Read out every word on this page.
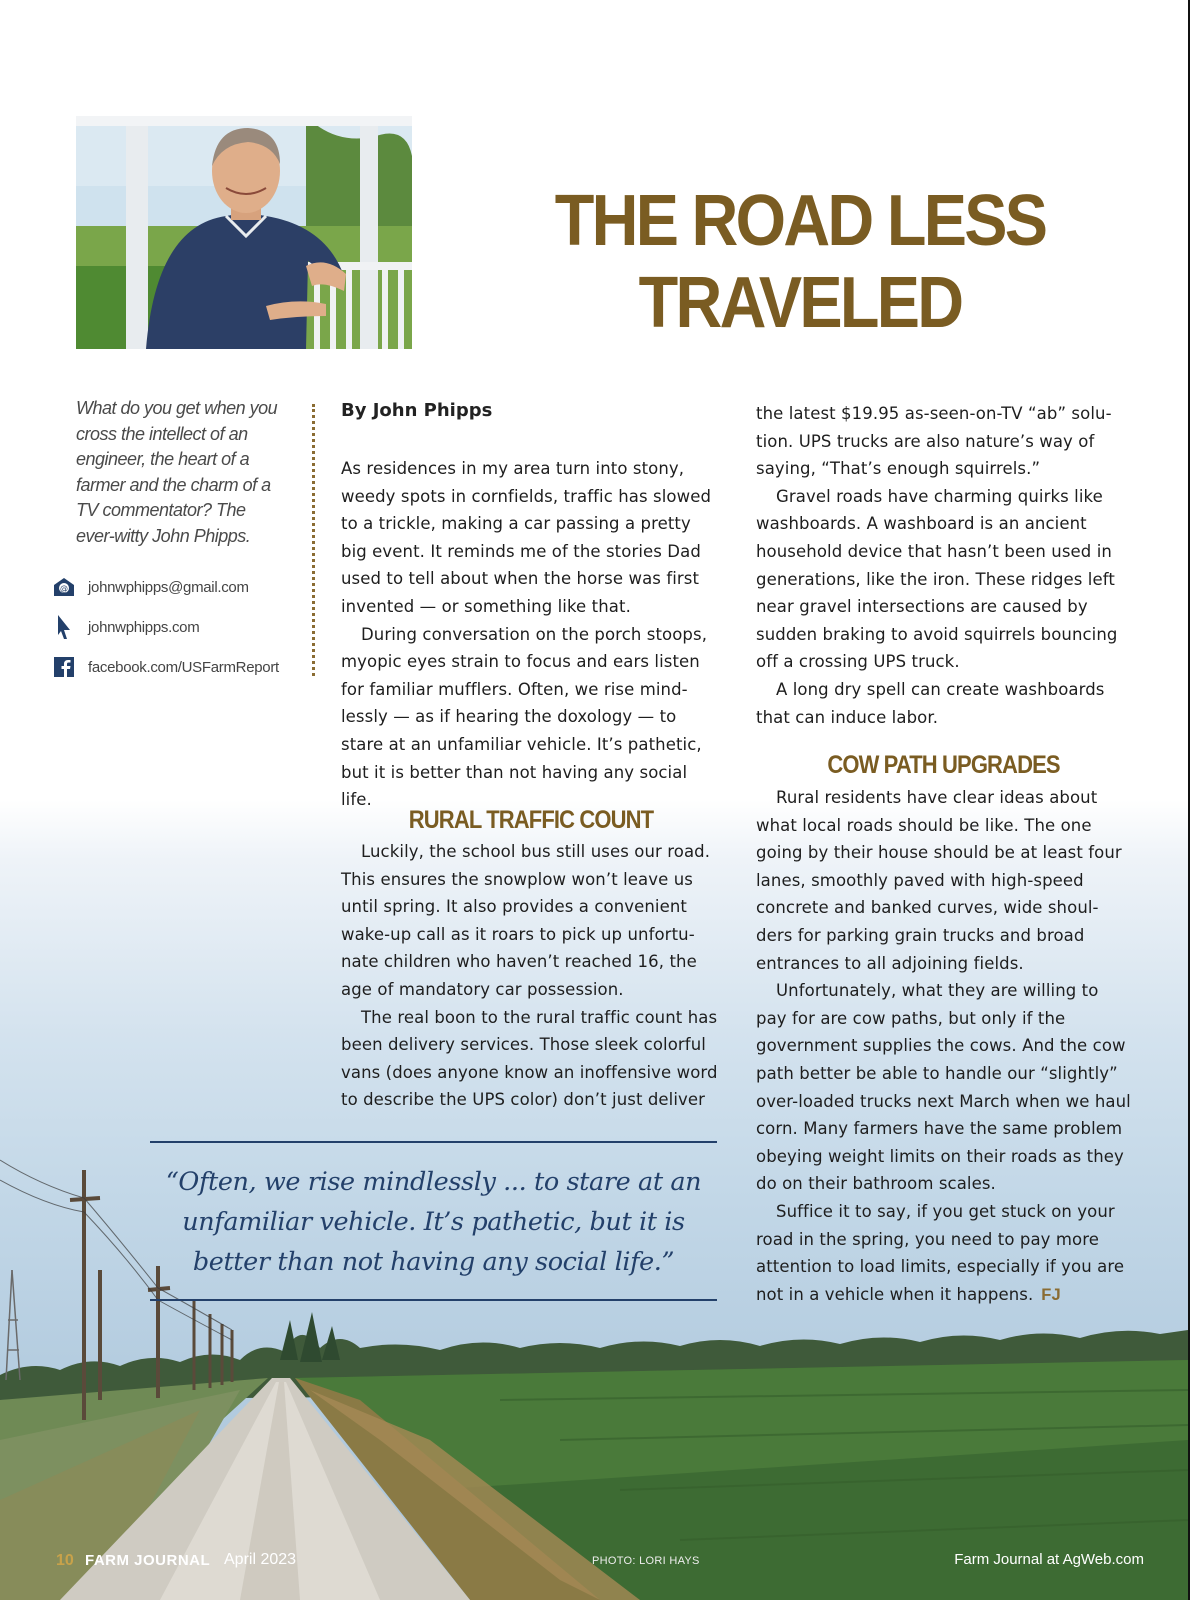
THE ROAD LESS TRAVELED

What do you get when you cross the intellect of an engineer, the heart of a farmer and the charm of a TV commentator? The ever-witty John Phipps.

@ johnwphipps@gmail.com
johnwphipps.com
facebook.com/USFarmReport
By John Phipps

As residences in my area turn into stony, weedy spots in cornfields, traffic has slowed to a trickle, making a car passing a pretty big event. It reminds me of the stories Dad used to tell about when the horse was first invented — or something like that.

During conversation on the porch stoops, myopic eyes strain to focus and ears listen for familiar mufflers. Often, we rise mind-lessly — as if hearing the doxology — to stare at an unfamiliar vehicle. It’s pathetic, but it is better than not having any social life.

RURAL TRAFFIC COUNT

Luckily, the school bus still uses our road. This ensures the snowplow won’t leave us until spring. It also provides a convenient wake-up call as it roars to pick up unfortu-nate children who haven’t reached 16, the age of mandatory car possession.

The real boon to the rural traffic count has been delivery services. Those sleek colorful vans (does anyone know an inoffensive word to describe the UPS color) don’t just deliver

the latest $19.95 as-seen-on-TV “ab” solu-tion. UPS trucks are also nature’s way of saying, “That’s enough squirrels.”

Gravel roads have charming quirks like washboards. A washboard is an ancient household device that hasn’t been used in generations, like the iron. These ridges left near gravel intersections are caused by sudden braking to avoid squirrels bouncing off a crossing UPS truck.

A long dry spell can create washboards that can induce labor.

COW PATH UPGRADES

Rural residents have clear ideas about what local roads should be like. The one going by their house should be at least four lanes, smoothly paved with high-speed concrete and banked curves, wide shoul-ders for parking grain trucks and broad entrances to all adjoining fields.

Unfortunately, what they are willing to pay for are cow paths, but only if the government supplies the cows. And the cow path better be able to handle our “slightly” over-loaded trucks next March when we haul corn. Many farmers have the same problem obeying weight limits on their roads as they do on their bathroom scales.

Suffice it to say, if you get stuck on your road in the spring, you need to pay more attention to load limits, especially if you are not in a vehicle when it happens. FJ

“Often, we rise mindlessly ... to stare at an unfamiliar vehicle. It’s pathetic, but it is better than not having any social life.”

10 FARM JOURNAL April 2023	PHOTO: LORI HAYS	Farm Journal at AgWeb.com
